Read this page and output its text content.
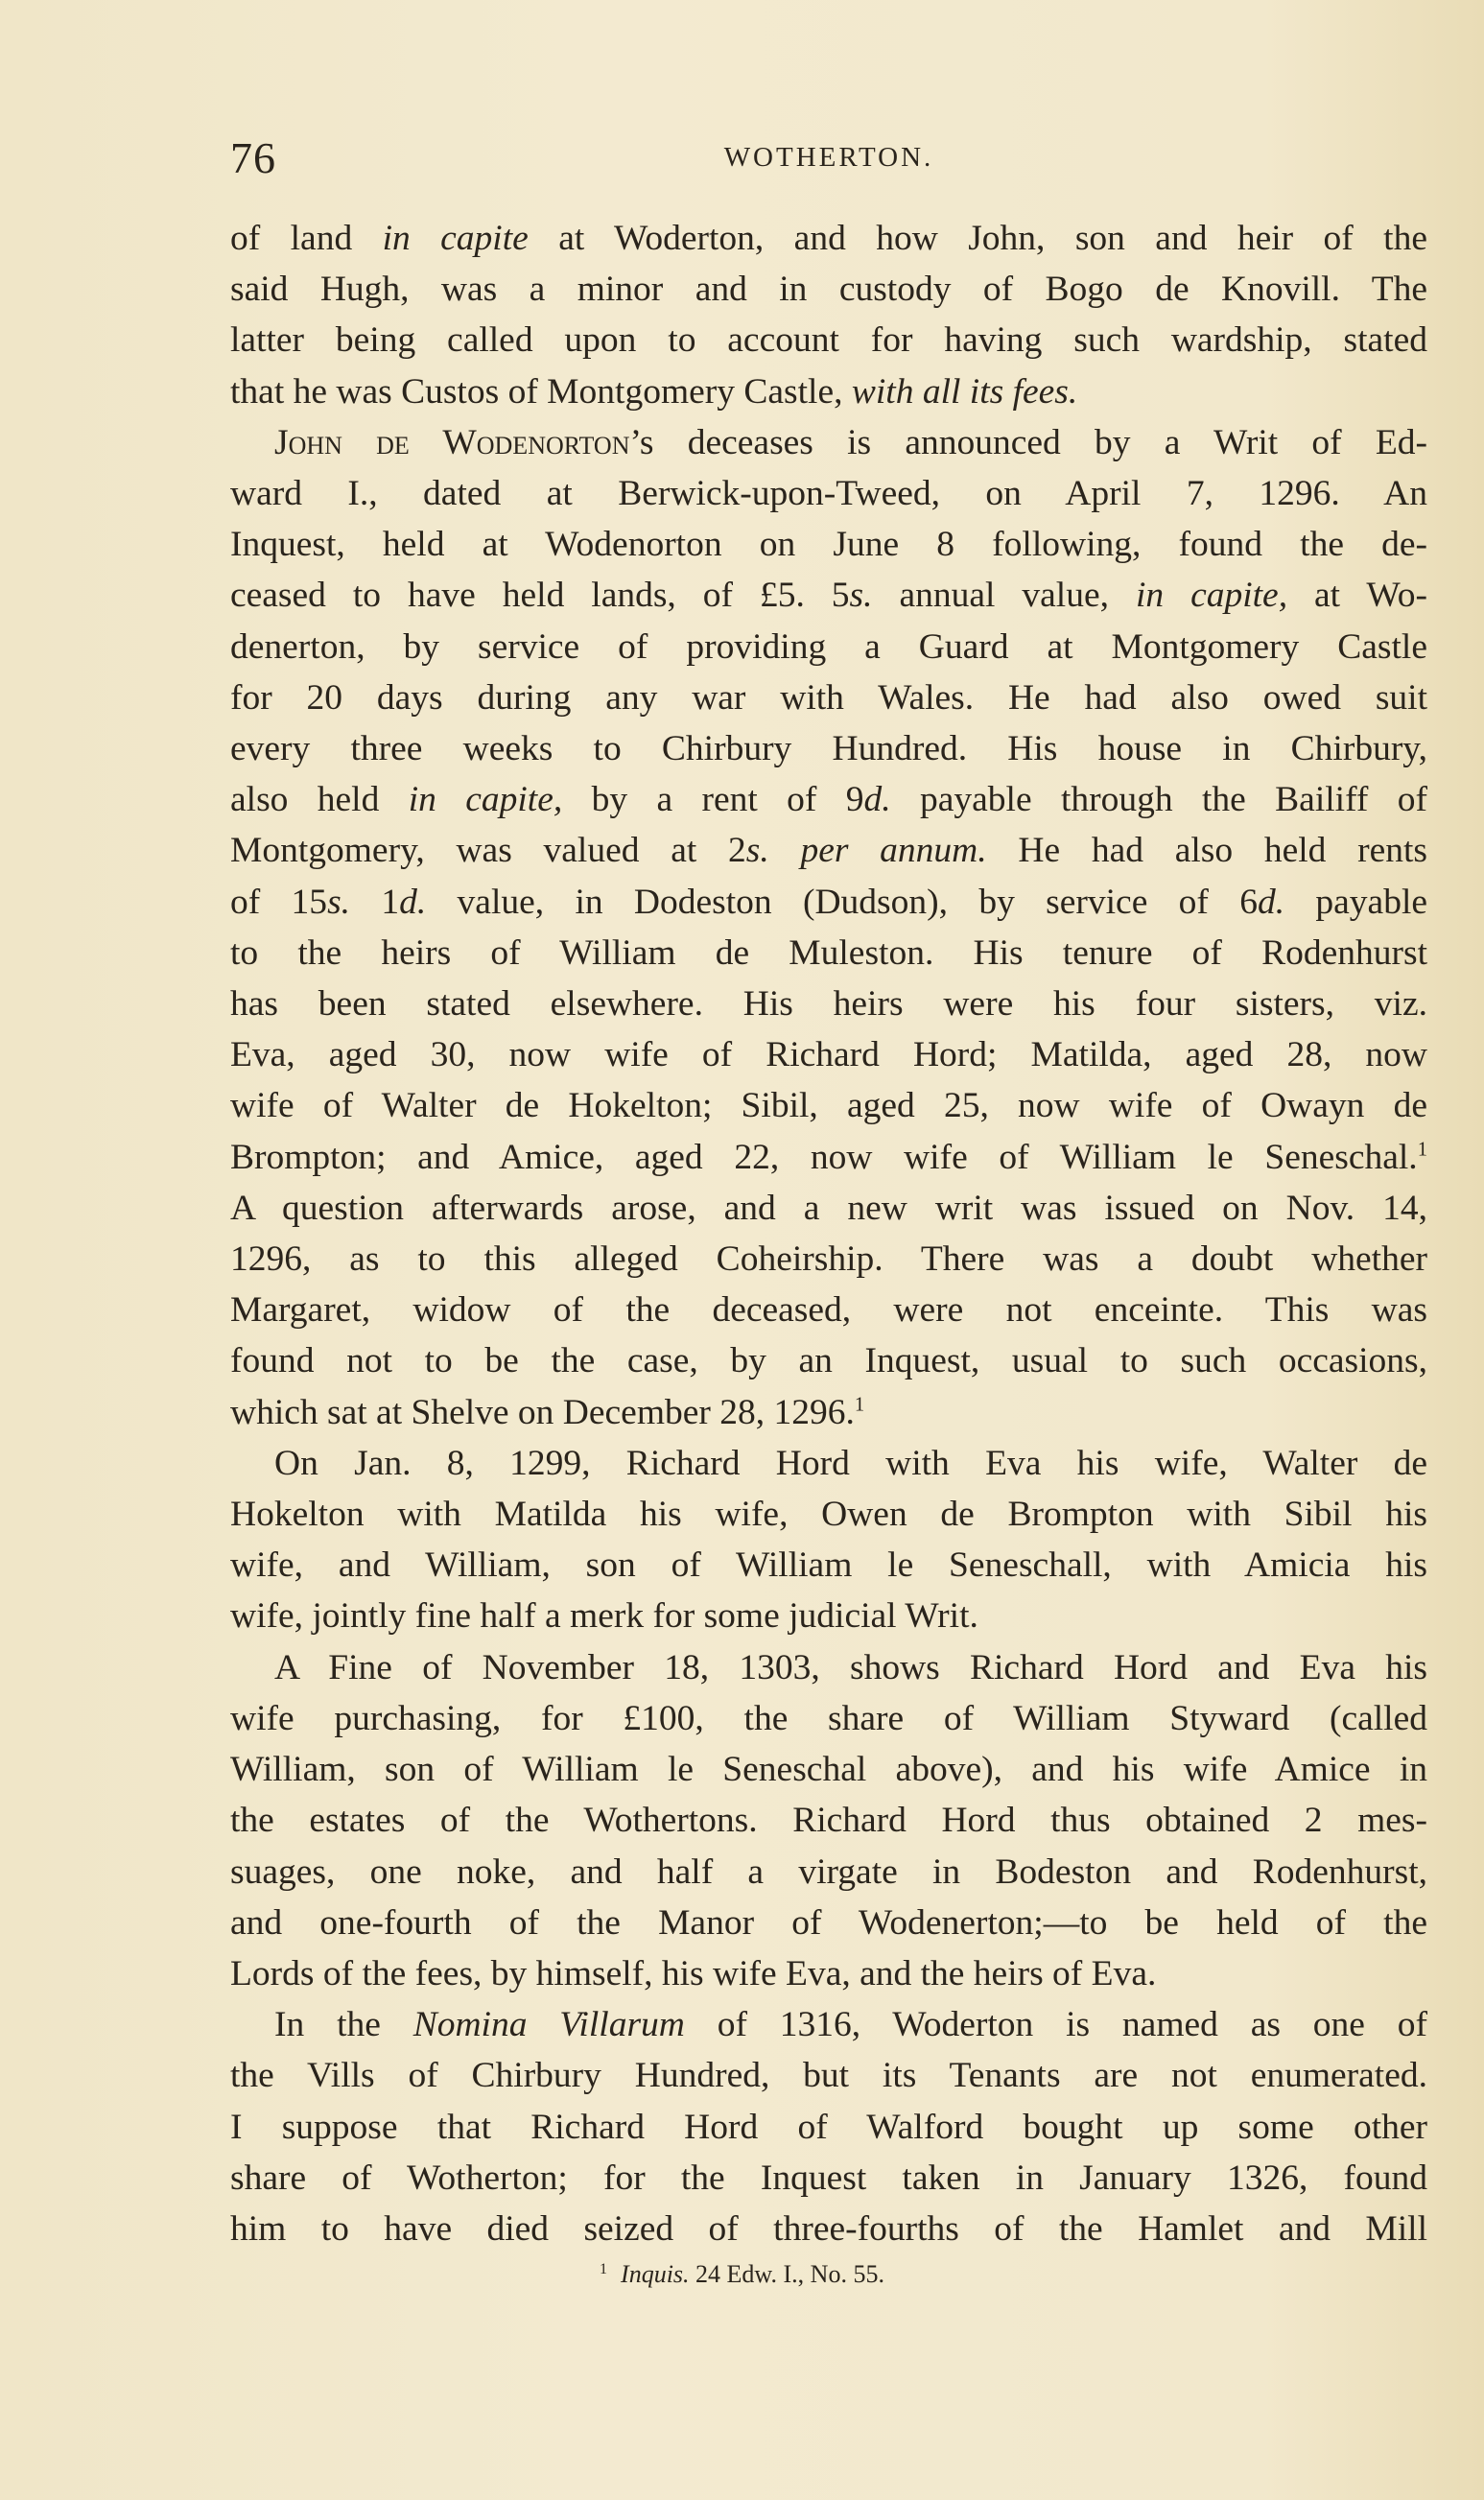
76	WOTHERTON.
of land in capite at Woderton, and how John, son and heir of the
said Hugh, was a minor and in custody of Bogo de Knovill. The
latter being called upon to account for having such wardship, stated
that he was Custos of Montgomery Castle, with all its fees.
John de Wodenorton’s deceases is announced by a Writ of Ed-
ward I., dated at Berwick-upon-Tweed, on April 7, 1296. An
Inquest, held at Wodenorton on June 8 following, found the de-
ceased to have held lands, of £5. 5s. annual value, in capite, at Wo-
denerton, by service of providing a Guard at Montgomery Castle
for 20 days during any war with Wales. He had also owed suit
every three weeks to Chirbury Hundred. His house in Chirbury,
also held in capite, by a rent of 9d. payable through the Bailiff of
Montgomery, was valued at 2s. per annum. He had also held rents
of 15s. 1d. value, in Dodeston (Dudson), by service of 6d. payable
to the heirs of William de Muleston. His tenure of Rodenhurst
has been stated elsewhere. His heirs were his four sisters, viz.
Eva, aged 30, now wife of Richard Hord; Matilda, aged 28, now
wife of Walter de Hokelton; Sibil, aged 25, now wife of Owayn de
Brompton; and Amice, aged 22, now wife of William le Seneschal.$^1$
A question afterwards arose, and a new writ was issued on Nov. 14,
1296, as to this alleged Coheirship. There was a doubt whether
Margaret, widow of the deceased, were not enceinte. This was
found not to be the case, by an Inquest, usual to such occasions,
which sat at Shelve on December 28, 1296.$^1$
On Jan. 8, 1299, Richard Hord with Eva his wife, Walter de
Hokelton with Matilda his wife, Owen de Brompton with Sibil his
wife, and William, son of William le Seneschall, with Amicia his
wife, jointly fine half a merk for some judicial Writ.
A Fine of November 18, 1303, shows Richard Hord and Eva his
wife purchasing, for £100, the share of William Styward (called
William, son of William le Seneschal above), and his wife Amice in
the estates of the Wothertons. Richard Hord thus obtained 2 mes-
suages, one noke, and half a virgate in Bodeston and Rodenhurst,
and one-fourth of the Manor of Wodenerton;—to be held of the
Lords of the fees, by himself, his wife Eva, and the heirs of Eva.
In the Nomina Villarum of 1316, Woderton is named as one of
the Vills of Chirbury Hundred, but its Tenants are not enumerated.
I suppose that Richard Hord of Walford bought up some other
share of Wotherton; for the Inquest taken in January 1326, found
him to have died seized of three-fourths of the Hamlet and Mill
$^1$ Inquis. 24 Edw. I., No. 55.
